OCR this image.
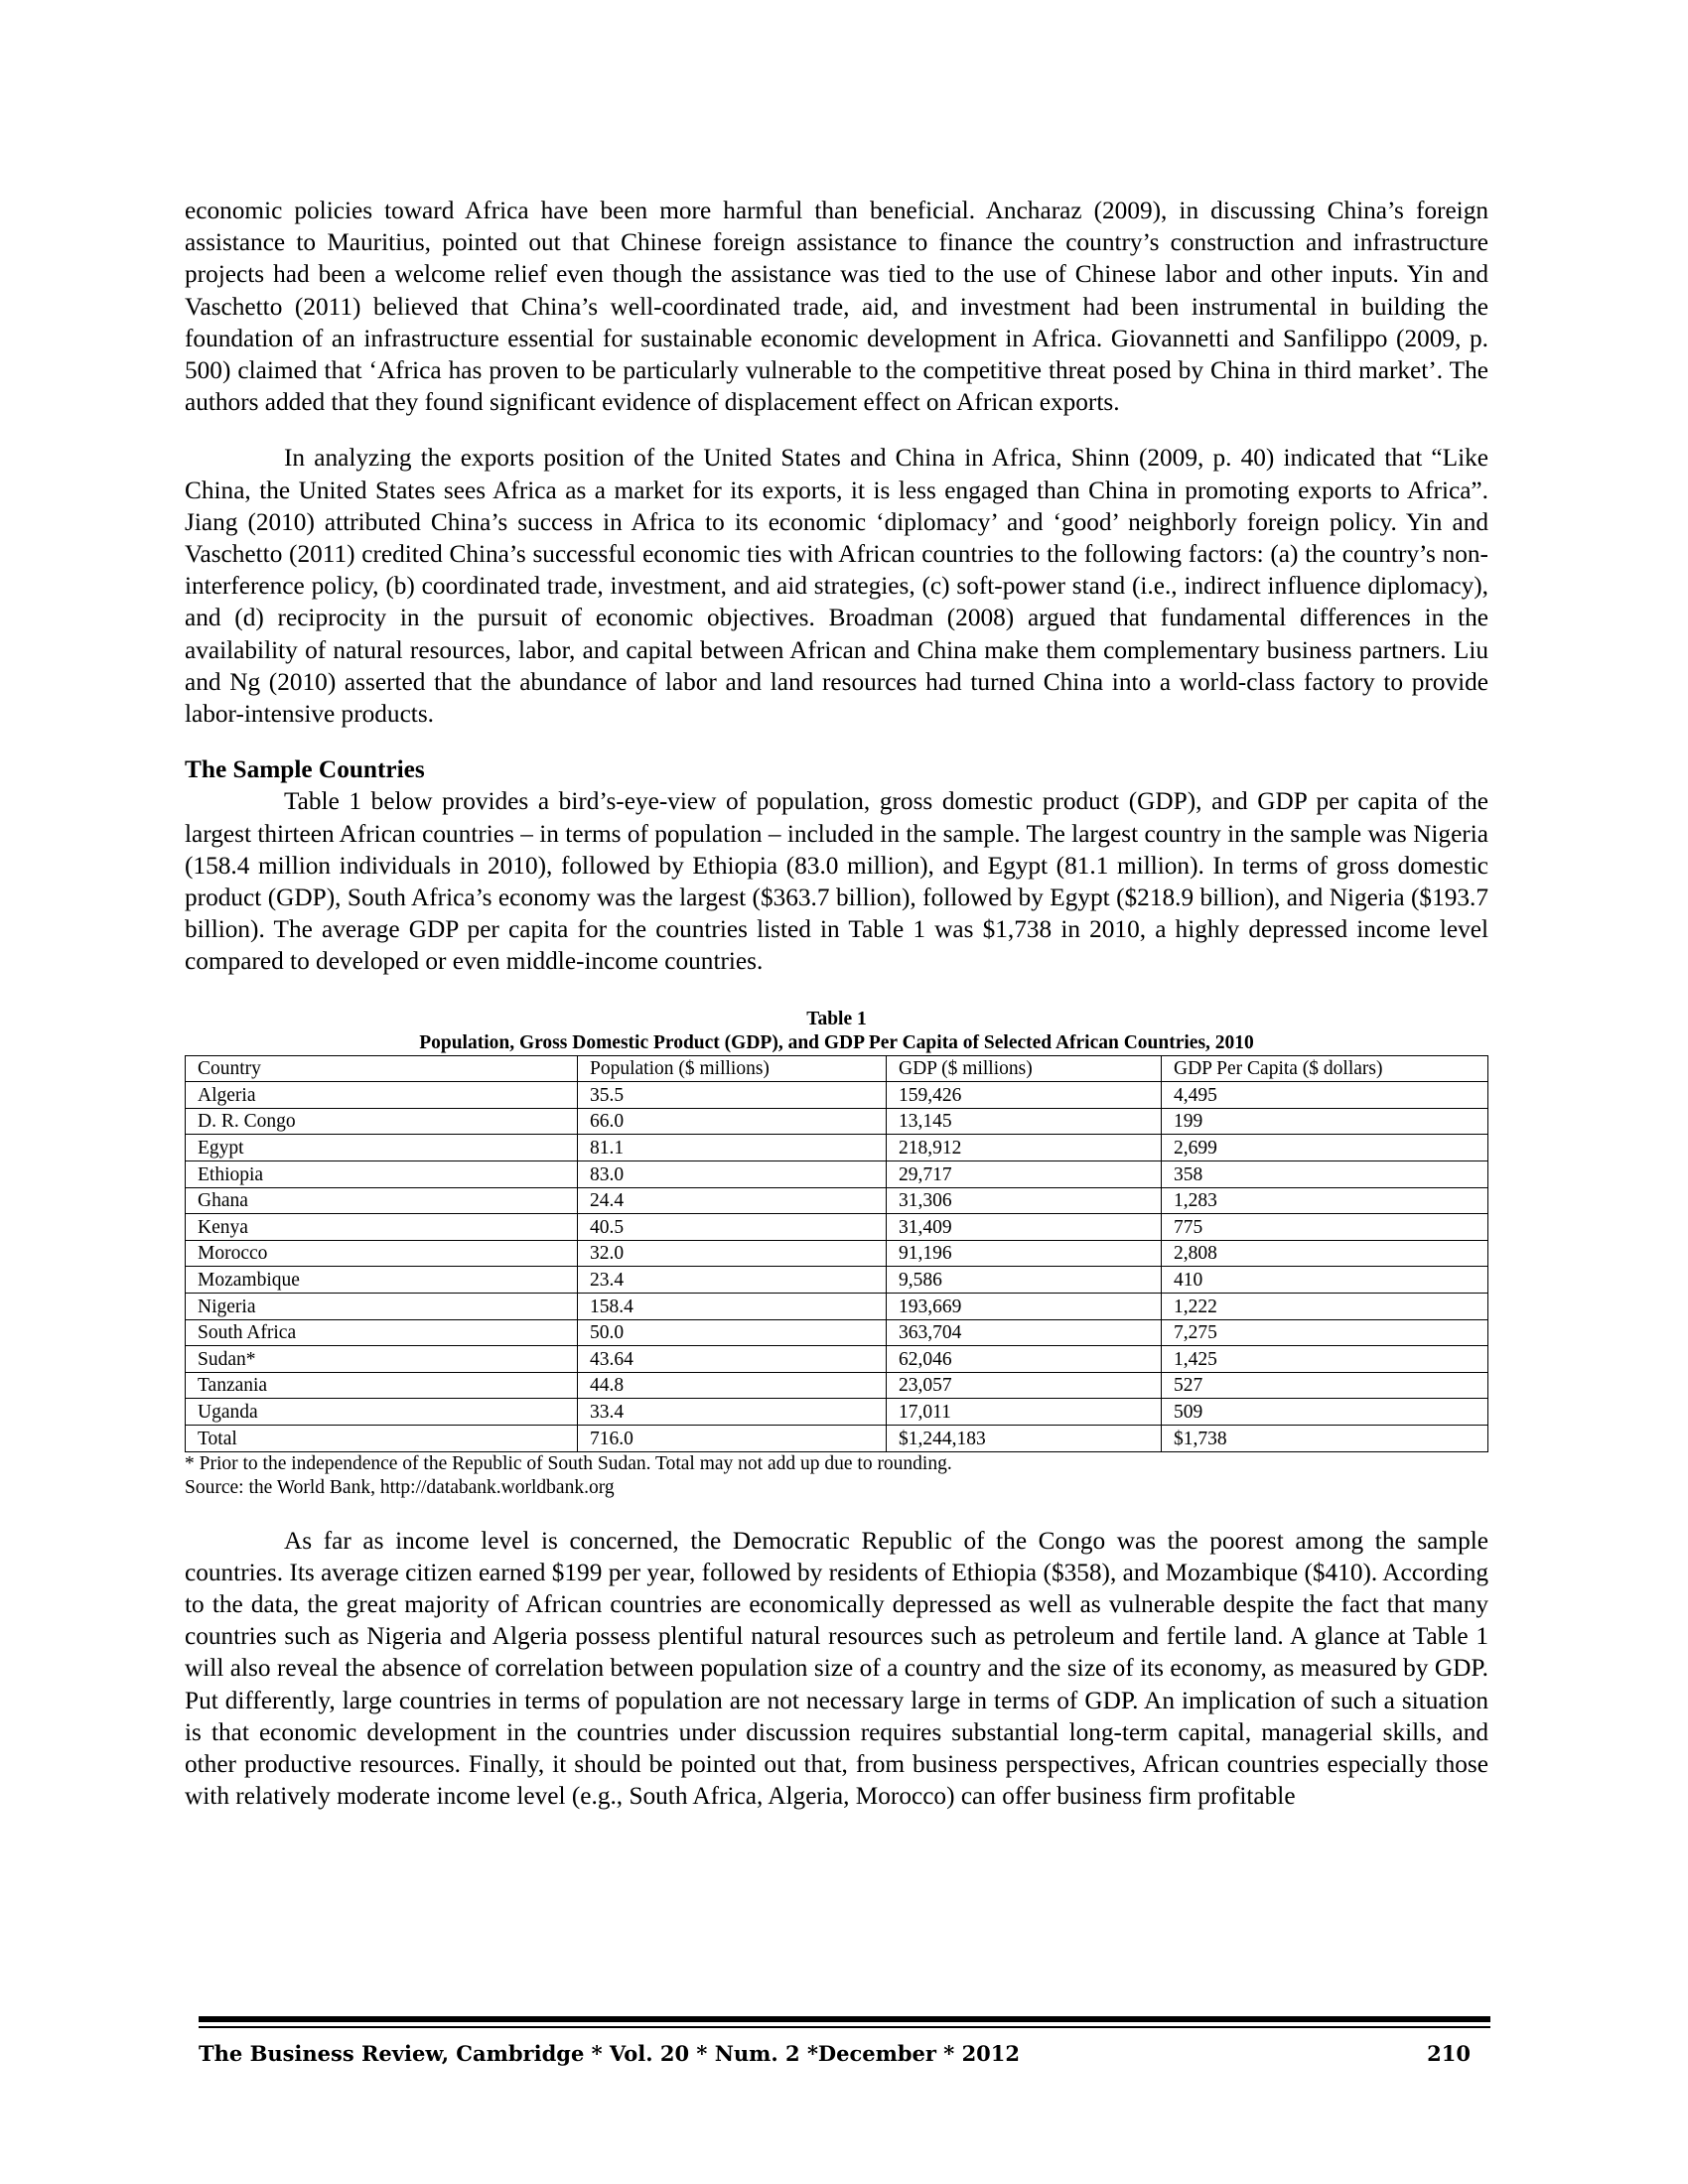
economic policies toward Africa have been more harmful than beneficial. Ancharaz (2009), in discussing China’s foreign assistance to Mauritius, pointed out that Chinese foreign assistance to finance the country’s construction and infrastructure projects had been a welcome relief even though the assistance was tied to the use of Chinese labor and other inputs. Yin and Vaschetto (2011) believed that China’s well-coordinated trade, aid, and investment had been instrumental in building the foundation of an infrastructure essential for sustainable economic development in Africa. Giovannetti and Sanfilippo (2009, p. 500) claimed that ‘Africa has proven to be particularly vulnerable to the competitive threat posed by China in third market’. The authors added that they found significant evidence of displacement effect on African exports.

In analyzing the exports position of the United States and China in Africa, Shinn (2009, p. 40) indicated that “Like China, the United States sees Africa as a market for its exports, it is less engaged than China in promoting exports to Africa”. Jiang (2010) attributed China’s success in Africa to its economic ‘diplomacy’ and ‘good’ neighborly foreign policy. Yin and Vaschetto (2011) credited China’s successful economic ties with African countries to the following factors: (a) the country’s non-interference policy, (b) coordinated trade, investment, and aid strategies, (c) soft-power stand (i.e., indirect influence diplomacy), and (d) reciprocity in the pursuit of economic objectives. Broadman (2008) argued that fundamental differences in the availability of natural resources, labor, and capital between African and China make them complementary business partners. Liu and Ng (2010) asserted that the abundance of labor and land resources had turned China into a world-class factory to provide labor-intensive products.

The Sample Countries

Table 1 below provides a bird’s-eye-view of population, gross domestic product (GDP), and GDP per capita of the largest thirteen African countries – in terms of population – included in the sample. The largest country in the sample was Nigeria (158.4 million individuals in 2010), followed by Ethiopia (83.0 million), and Egypt (81.1 million). In terms of gross domestic product (GDP), South Africa’s economy was the largest ($363.7 billion), followed by Egypt ($218.9 billion), and Nigeria ($193.7 billion). The average GDP per capita for the countries listed in Table 1 was $1,738 in 2010, a highly depressed income level compared to developed or even middle-income countries.

Table 1

Population, Gross Domestic Product (GDP), and GDP Per Capita of Selected African Countries, 2010

Country	Population ($ millions)	GDP ($ millions)	GDP Per Capita ($ dollars)
Algeria	35.5	159,426	4,495
D. R. Congo	66.0	13,145	199
Egypt	81.1	218,912	2,699
Ethiopia	83.0	29,717	358
Ghana	24.4	31,306	1,283
Kenya	40.5	31,409	775
Morocco	32.0	91,196	2,808
Mozambique	23.4	9,586	410
Nigeria	158.4	193,669	1,222
South Africa	50.0	363,704	7,275
Sudan*	43.64	62,046	1,425
Tanzania	44.8	23,057	527
Uganda	33.4	17,011	509
Total	716.0	$1,244,183	$1,738

* Prior to the independence of the Republic of South Sudan. Total may not add up due to rounding.

Source: the World Bank, http://databank.worldbank.org

As far as income level is concerned, the Democratic Republic of the Congo was the poorest among the sample countries. Its average citizen earned $199 per year, followed by residents of Ethiopia ($358), and Mozambique ($410). According to the data, the great majority of African countries are economically depressed as well as vulnerable despite the fact that many countries such as Nigeria and Algeria possess plentiful natural resources such as petroleum and fertile land. A glance at Table 1 will also reveal the absence of correlation between population size of a country and the size of its economy, as measured by GDP. Put differently, large countries in terms of population are not necessary large in terms of GDP. An implication of such a situation is that economic development in the countries under discussion requires substantial long-term capital, managerial skills, and other productive resources. Finally, it should be pointed out that, from business perspectives, African countries especially those with relatively moderate income level (e.g., South Africa, Algeria, Morocco) can offer business firm profitable

The Business Review, Cambridge * Vol. 20 * Num. 2 *December * 2012	210
